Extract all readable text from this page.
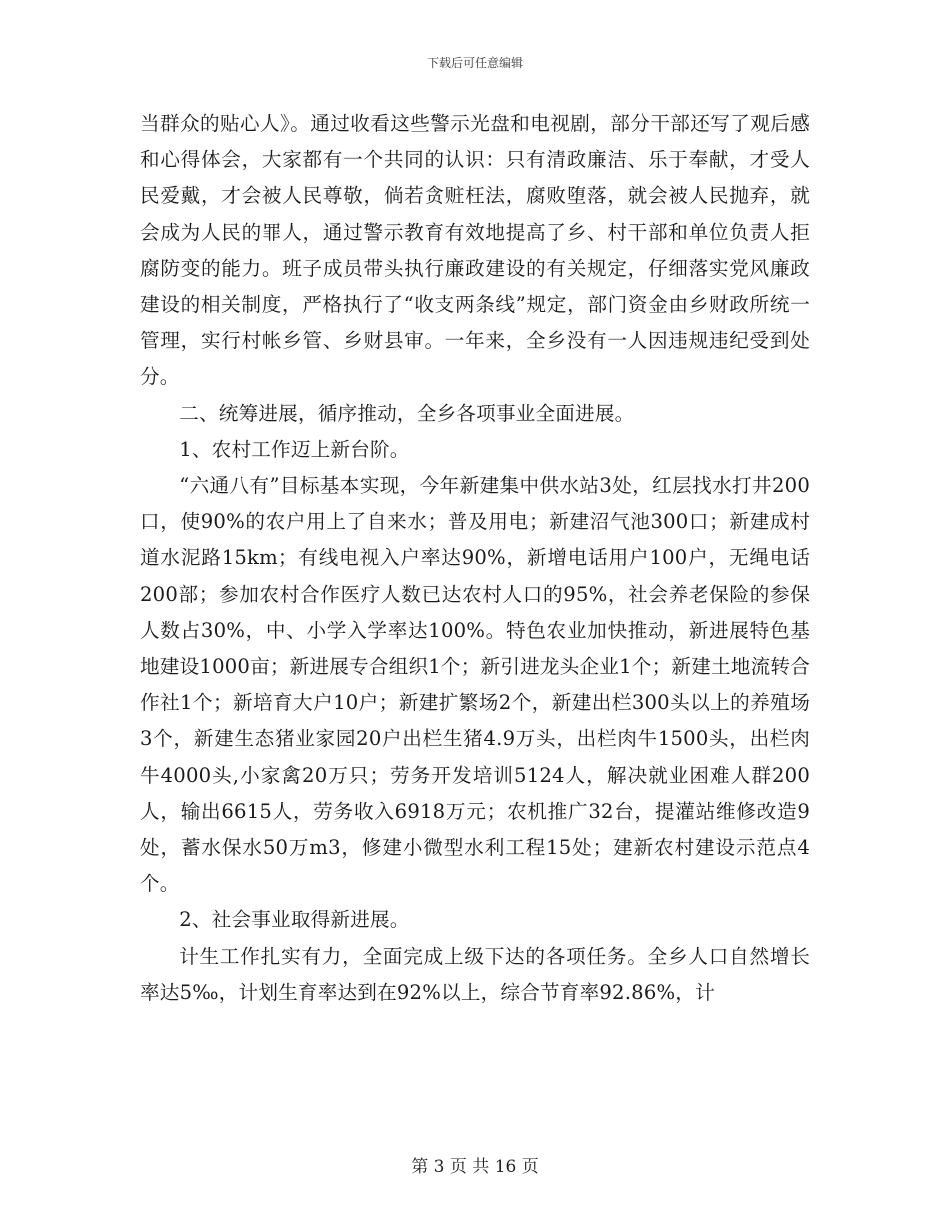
下载后可任意编辑

当群众的贴心人》。通过收看这些警示光盘和电视剧，部分干部还写了观后感和心得体会，大家都有一个共同的认识：只有清政廉洁、乐于奉献，才受人民爱戴，才会被人民尊敬，倘若贪赃枉法，腐败堕落，就会被人民抛弃，就会成为人民的罪人，通过警示教育有效地提高了乡、村干部和单位负责人拒腐防变的能力。班子成员带头执行廉政建设的有关规定，仔细落实党风廉政建设的相关制度，严格执行了“收支两条线”规定，部门资金由乡财政所统一管理，实行村帐乡管、乡财县审。一年来，全乡没有一人因违规违纪受到处分。

二、统筹进展，循序推动，全乡各项事业全面进展。

1、农村工作迈上新台阶。

“六通八有”目标基本实现，今年新建集中供水站3处，红层找水打井200口，使90%的农户用上了自来水；普及用电；新建沼气池300口；新建成村道水泥路15km；有线电视入户率达90%，新增电话用户100户，无绳电话200部；参加农村合作医疗人数已达农村人口的95%，社会养老保险的参保人数占30%，中、小学入学率达100%。特色农业加快推动，新进展特色基地建设1000亩；新进展专合组织1个；新引进龙头企业1个；新建土地流转合作社1个；新培育大户10户；新建扩繁场2个，新建出栏300头以上的养殖场3个，新建生态猪业家园20户出栏生猪4.9万头，出栏肉牛1500头，出栏肉牛4000头,小家禽20万只；劳务开发培训5124人，解决就业困难人群200人，输出6615人，劳务收入6918万元；农机推广32台，提灌站维修改造9处，蓄水保水50万m3，修建小微型水利工程15处；建新农村建设示范点4个。

2、社会事业取得新进展。

计生工作扎实有力，全面完成上级下达的各项任务。全乡人口自然增长率达5‰，计划生育率达到在92%以上，综合节育率92.86%，计

第 3 页 共 16 页
